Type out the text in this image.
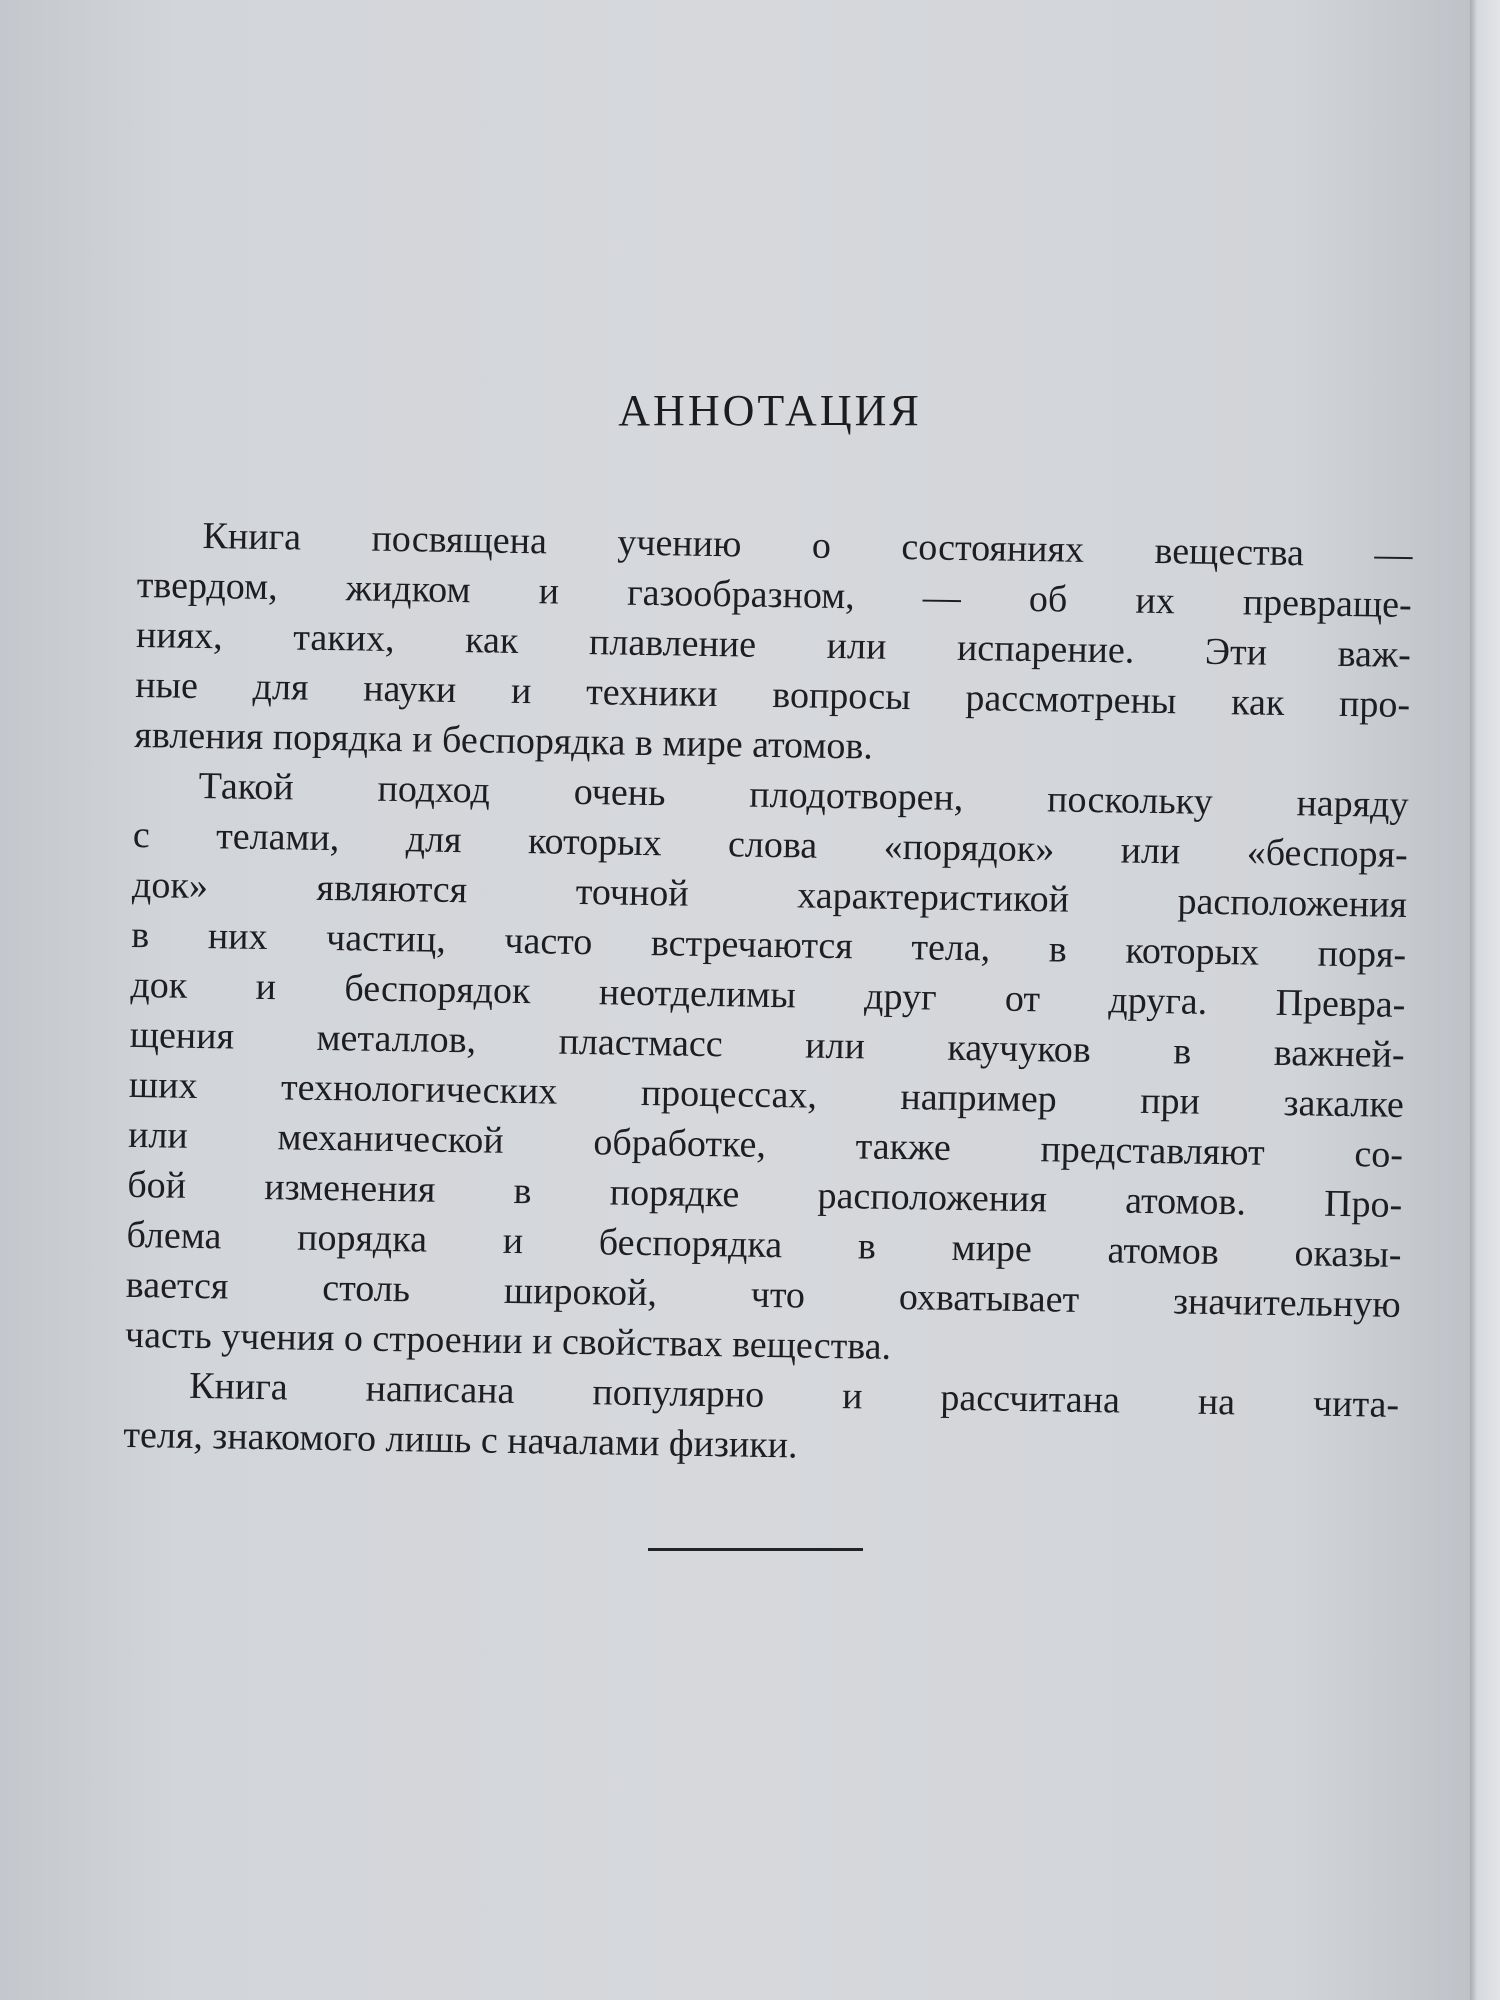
АННОТАЦИЯ
Книга посвящена учению о состояниях вещества —
твердом, жидком и газообразном, — об их превраще-
ниях, таких, как плавление или испарение. Эти важ-
ные для науки и техники вопросы рассмотрены как про-
явления порядка и беспорядка в мире атомов.
Такой подход очень плодотворен, поскольку наряду
с телами, для которых слова «порядок» или «беспоря-
док» являются точной характеристикой расположения
в них частиц, часто встречаются тела, в которых поря-
док и беспорядок неотделимы друг от друга. Превра-
щения металлов, пластмасс или каучуков в важней-
ших технологических процессах, например при закалке
или механической обработке, также представляют со-
бой изменения в порядке расположения атомов. Про-
блема порядка и беспорядка в мире атомов оказы-
вается столь широкой, что охватывает значительную
часть учения о строении и свойствах вещества.
Книга написана популярно и рассчитана на чита-
теля, знакомого лишь с началами физики.
